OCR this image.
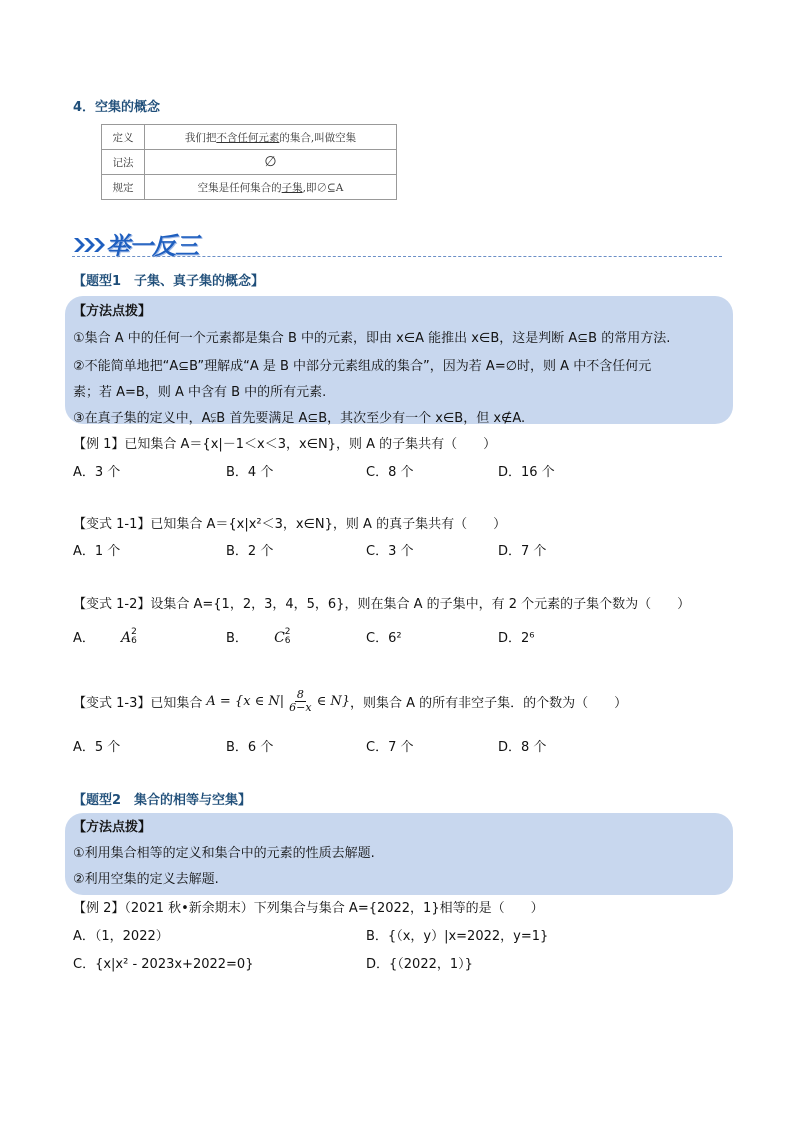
4．空集的概念
定义	我们把不含任何元素的集合,叫做空集
记法	∅
规定	空集是任何集合的子集,即∅⊆A
举一反三
【题型1　子集、真子集的概念】
【方法点拨】
①集合 A 中的任何一个元素都是集合 B 中的元素，即由 x∈A 能推出 x∈B，这是判断 A⊆B 的常用方法.
②不能简单地把“A⊆B”理解成“A 是 B 中部分元素组成的集合”，因为若 A=∅时，则 A 中不含任何元
素；若 A=B，则 A 中含有 B 中的所有元素.
③在真子集的定义中，A⫋B 首先要满足 A⊆B，其次至少有一个 x∈B，但 x∉A.
【例 1】已知集合 A＝{x|－1＜x＜3，x∈N}，则 A 的子集共有（　　）
A．3 个	B．4 个	C．8 个	D．16 个
【变式 1-1】已知集合 A＝{x|x²＜3，x∈N}，则 A 的真子集共有（　　）
A．1 个	B．2 个	C．3 个	D．7 个
【变式 1-2】设集合 A={1，2，3，4，5，6}，则在集合 A 的子集中，有 2 个元素的子集个数为（　　）
A． A 2
6	B． C 2
6	C．6²	D．2⁶
【变式 1-3】已知集合 A = {x ∈ $N| \frac{8}{6-x}$ ∈ N} ，则集合 A 的所有非空子集．的个数为（　　）
A．5 个	B．6 个	C．7 个	D．8 个
【题型2　集合的相等与空集】
【方法点拨】
①利用集合相等的定义和集合中的元素的性质去解题.
②利用空集的定义去解题.
【例 2】（2021 秋•新余期末）下列集合与集合 A={2022，1}相等的是（　　）
A．（1，2022）	B．{（x，y）|x=2022，y=1}
C．{x|x² - 2023x+2022=0}	D．{（2022，1）}
